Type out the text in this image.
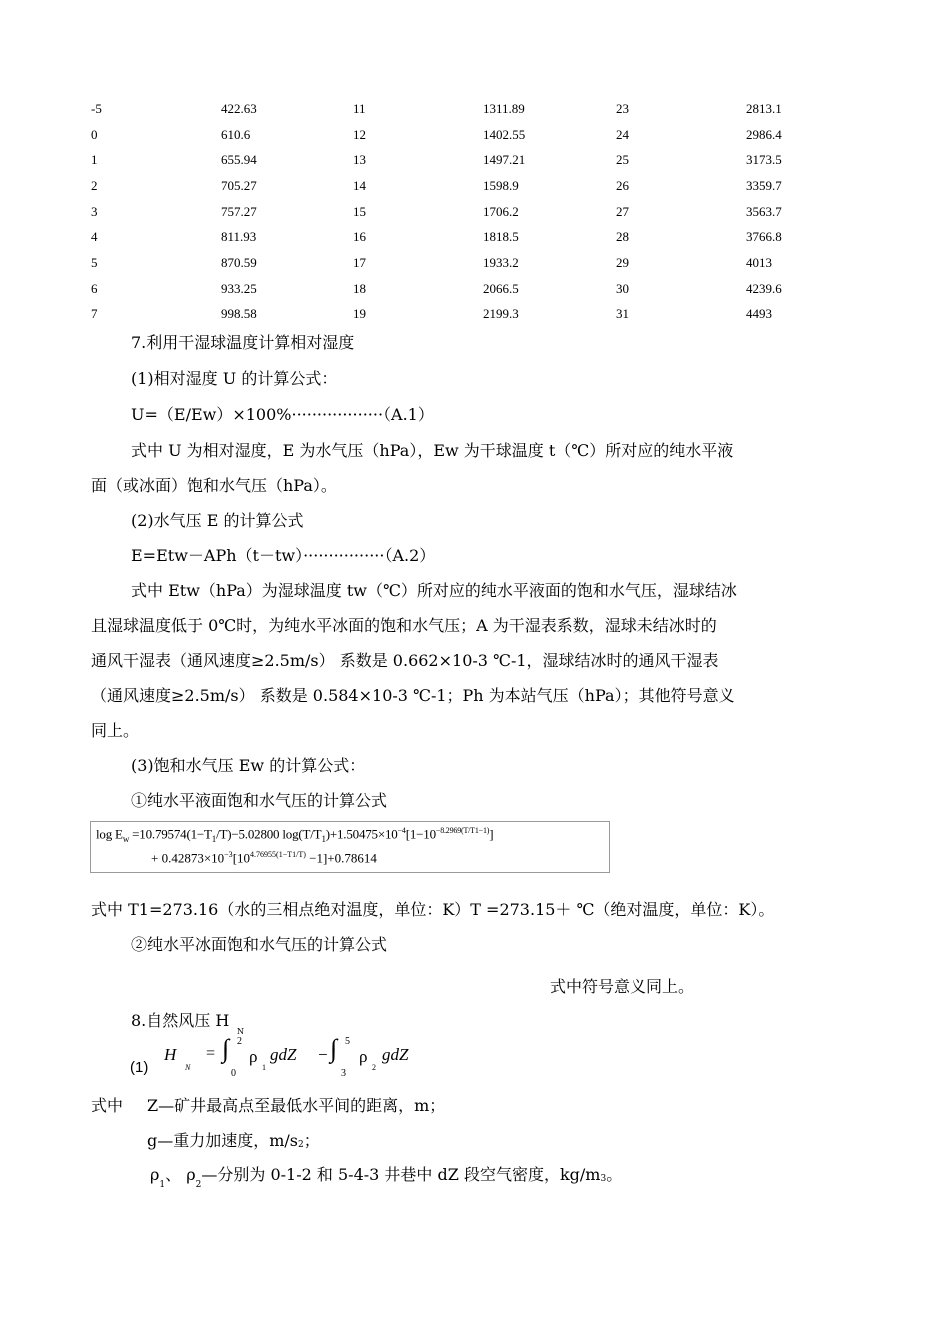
-5	422.63	11	1311.89	23	2813.1
0	610.6	12	1402.55	24	2986.4
1	655.94	13	1497.21	25	3173.5
2	705.27	14	1598.9	26	3359.7
3	757.27	15	1706.2	27	3563.7
4	811.93	16	1818.5	28	3766.8
5	870.59	17	1933.2	29	4013
6	933.25	18	2066.5	30	4239.6
7	998.58	19	2199.3	31	4493
7.利用干湿球温度计算相对湿度
(1)相对湿度 U 的计算公式：
U=（E/Ew）×100%··················（A.1）
式中 U 为相对湿度，E 为水气压（hPa），Ew 为干球温度 t（℃）所对应的纯水平液
面（或冰面）饱和水气压（hPa）。
(2)水气压 E 的计算公式
E=Etw－APh（t－tw）················（A.2）
式中 Etw（hPa）为湿球温度 tw（℃）所对应的纯水平液面的饱和水气压，湿球结冰
且湿球温度低于 0℃时，为纯水平冰面的饱和水气压；A 为干湿表系数，湿球未结冰时的
通风干湿表（通风速度≥2.5m/s） 系数是 0.662×10-3 ℃-1，湿球结冰时的通风干湿表
（通风速度≥2.5m/s） 系数是 0.584×10-3 ℃-1；Ph 为本站气压（hPa）；其他符号意义
同上。
(3)饱和水气压 Ew 的计算公式：
①纯水平液面饱和水气压的计算公式
$\log E_w =10.79574(1-T_1/T)-5.02800$ $\log(T/T_1)+1.50475\times 10^{-4}[1-10^{-8.2969(T/T1-1)}]$
+ $0.42873\times 10^{-3}[10^{4.76955(1-T1/T)} -1]+0.78614$
式中 T1=273.16（水的三相点绝对温度，单位：K）T =273.15＋ ℃（绝对温度，单位：K）。
②纯水平冰面饱和水气压的计算公式
式中符号意义同上。
8.自然风压 H
N
(1)
H
N
= ∫ 2
0
ρ
1
gdZ − ∫ 5
3
ρ
2
gdZ
式中 Z—矿井最高点至最低水平间的距离，m；
g—重力加速度，m/s2；
$\rho_1$、 $\rho_2—$分别为 0-1-2 和 5-4-3 井巷中 dZ 段空气密度，kg/m3。
